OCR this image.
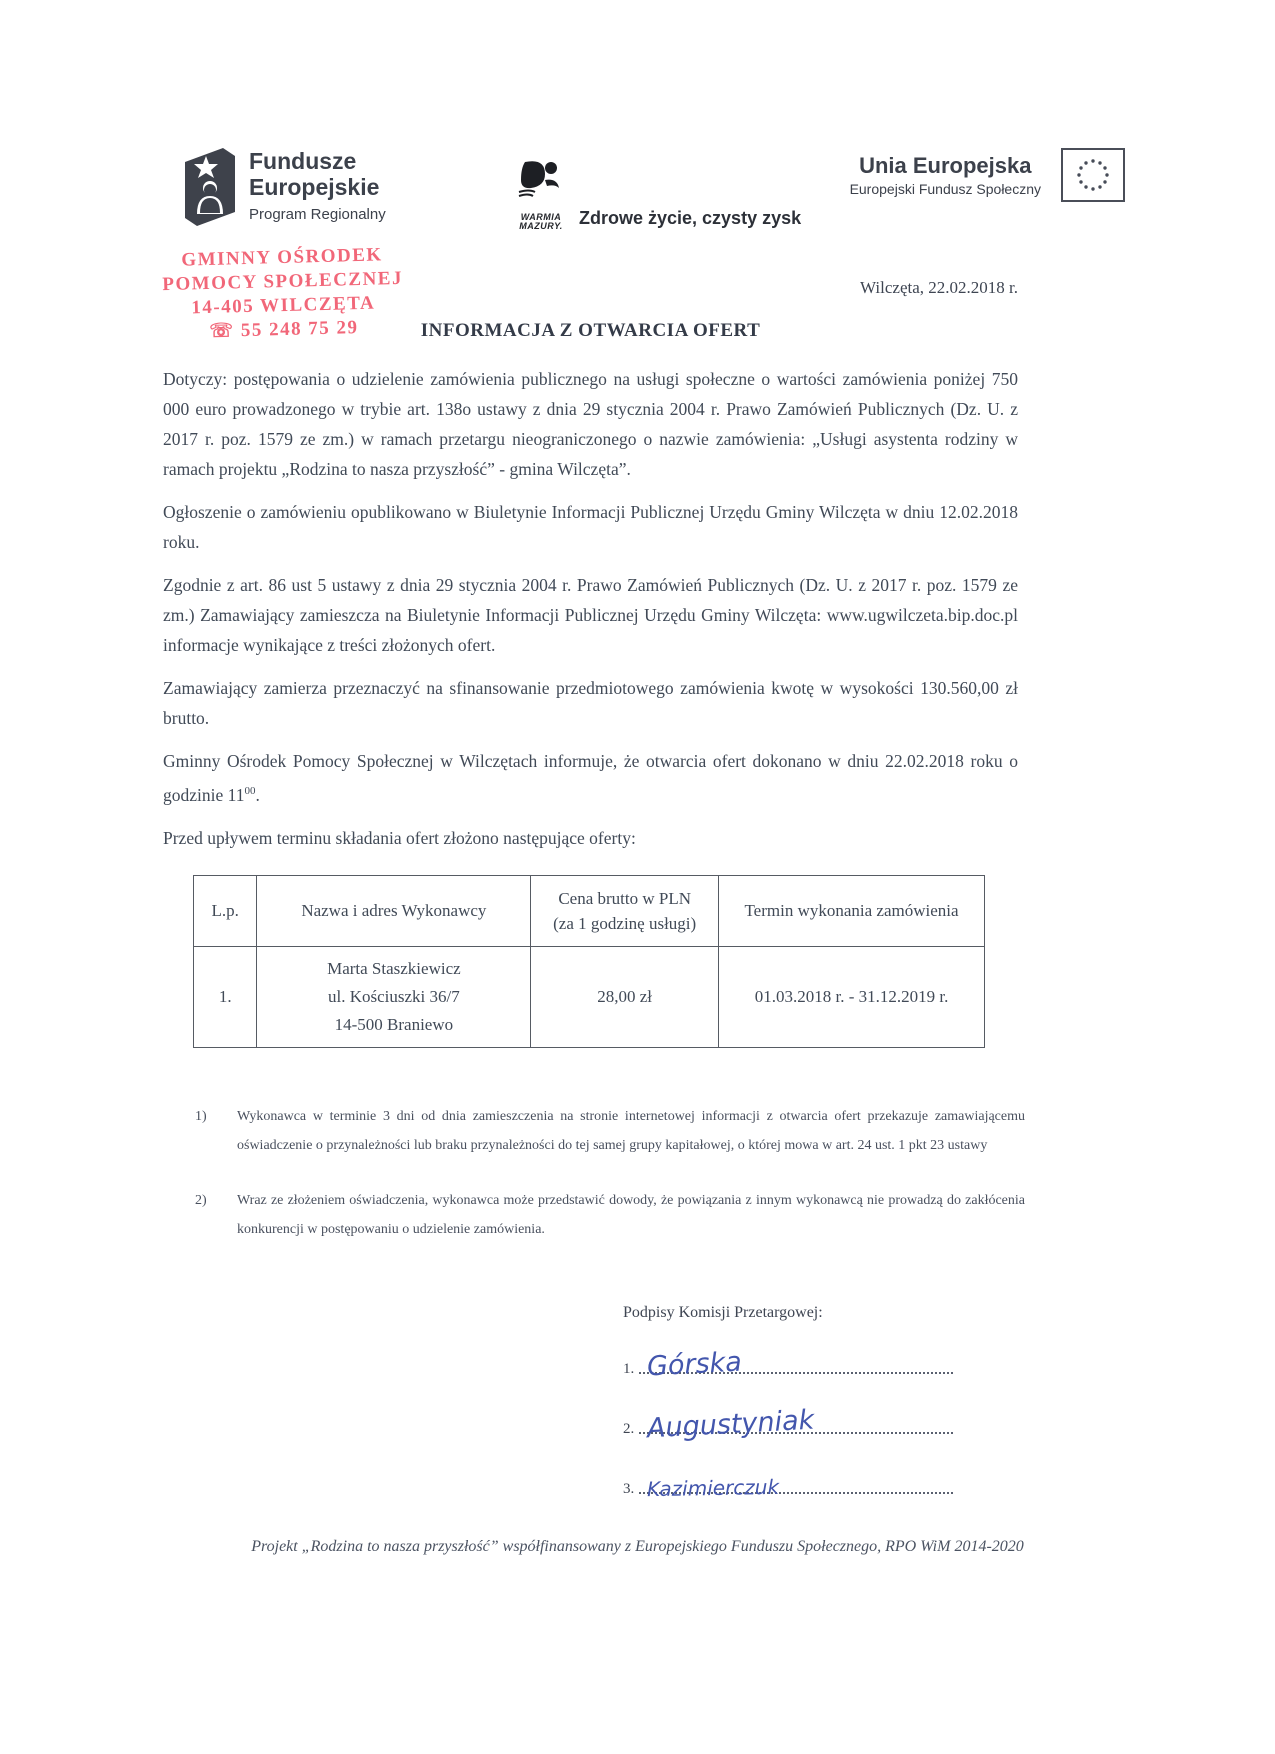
Fundusze
Europejskie
Program Regionalny	WARMIA
MAZURY. Zdrowe życie, czysty zysk
Unia Europejska
Europejski Fundusz Społeczny
GMINNY OŚRODEK
POMOCY SPOŁECZNEJ
14-405 WILCZĘTA
☏ 55 248 75 29
Wilczęta, 22.02.2018 r.
INFORMACJA Z OTWARCIA OFERT

Dotyczy: postępowania o udzielenie zamówienia publicznego na usługi społeczne o wartości zamówienia poniżej 750 000 euro prowadzonego w trybie art. 138o ustawy z dnia 29 stycznia 2004 r. Prawo Zamówień Publicznych (Dz. U. z 2017 r. poz. 1579 ze zm.) w ramach przetargu nieograniczonego o nazwie zamówienia: „Usługi asystenta rodziny w ramach projektu „Rodzina to nasza przyszłość” - gmina Wilczęta”.

Ogłoszenie o zamówieniu opublikowano w Biuletynie Informacji Publicznej Urzędu Gminy Wilczęta w dniu 12.02.2018 roku.

Zgodnie z art. 86 ust 5 ustawy z dnia 29 stycznia 2004 r. Prawo Zamówień Publicznych (Dz. U. z 2017 r. poz. 1579 ze zm.) Zamawiający zamieszcza na Biuletynie Informacji Publicznej Urzędu Gminy Wilczęta: www.ugwilczeta.bip.doc.pl informacje wynikające z treści złożonych ofert.

Zamawiający zamierza przeznaczyć na sfinansowanie przedmiotowego zamówienia kwotę w wysokości 130.560,00 zł brutto.

Gminny Ośrodek Pomocy Społecznej w Wilczętach informuje, że otwarcia ofert dokonano w dniu 22.02.2018 roku o godzinie $11^{00}$.

Przed upływem terminu składania ofert złożono następujące oferty:

L.p.	Nazwa i adres Wykonawcy	Cena brutto w PLN
(za 1 godzinę usługi)	Termin wykonania zamówienia
1.	Marta Staszkiewicz
ul. Kościuszki 36/7
14-500 Braniewo	28,00 zł	01.03.2018 r. - 31.12.2019 r.
1)	Wykonawca w terminie 3 dni od dnia zamieszczenia na stronie internetowej informacji z otwarcia ofert przekazuje zamawiającemu oświadczenie o przynależności lub braku przynależności do tej samej grupy kapitałowej, o której mowa w art. 24 ust. 1 pkt 23 ustawy
2)	Wraz ze złożeniem oświadczenia, wykonawca może przedstawić dowody, że powiązania z innym wykonawcą nie prowadzą do zakłócenia konkurencji w postępowaniu o udzielenie zamówienia.
Podpisy Komisji Przetargowej:
1. Górska
2. Augustyniak
3. Kazimierczuk
Projekt „Rodzina to nasza przyszłość” współfinansowany z Europejskiego Funduszu Społecznego, RPO WiM 2014-2020
